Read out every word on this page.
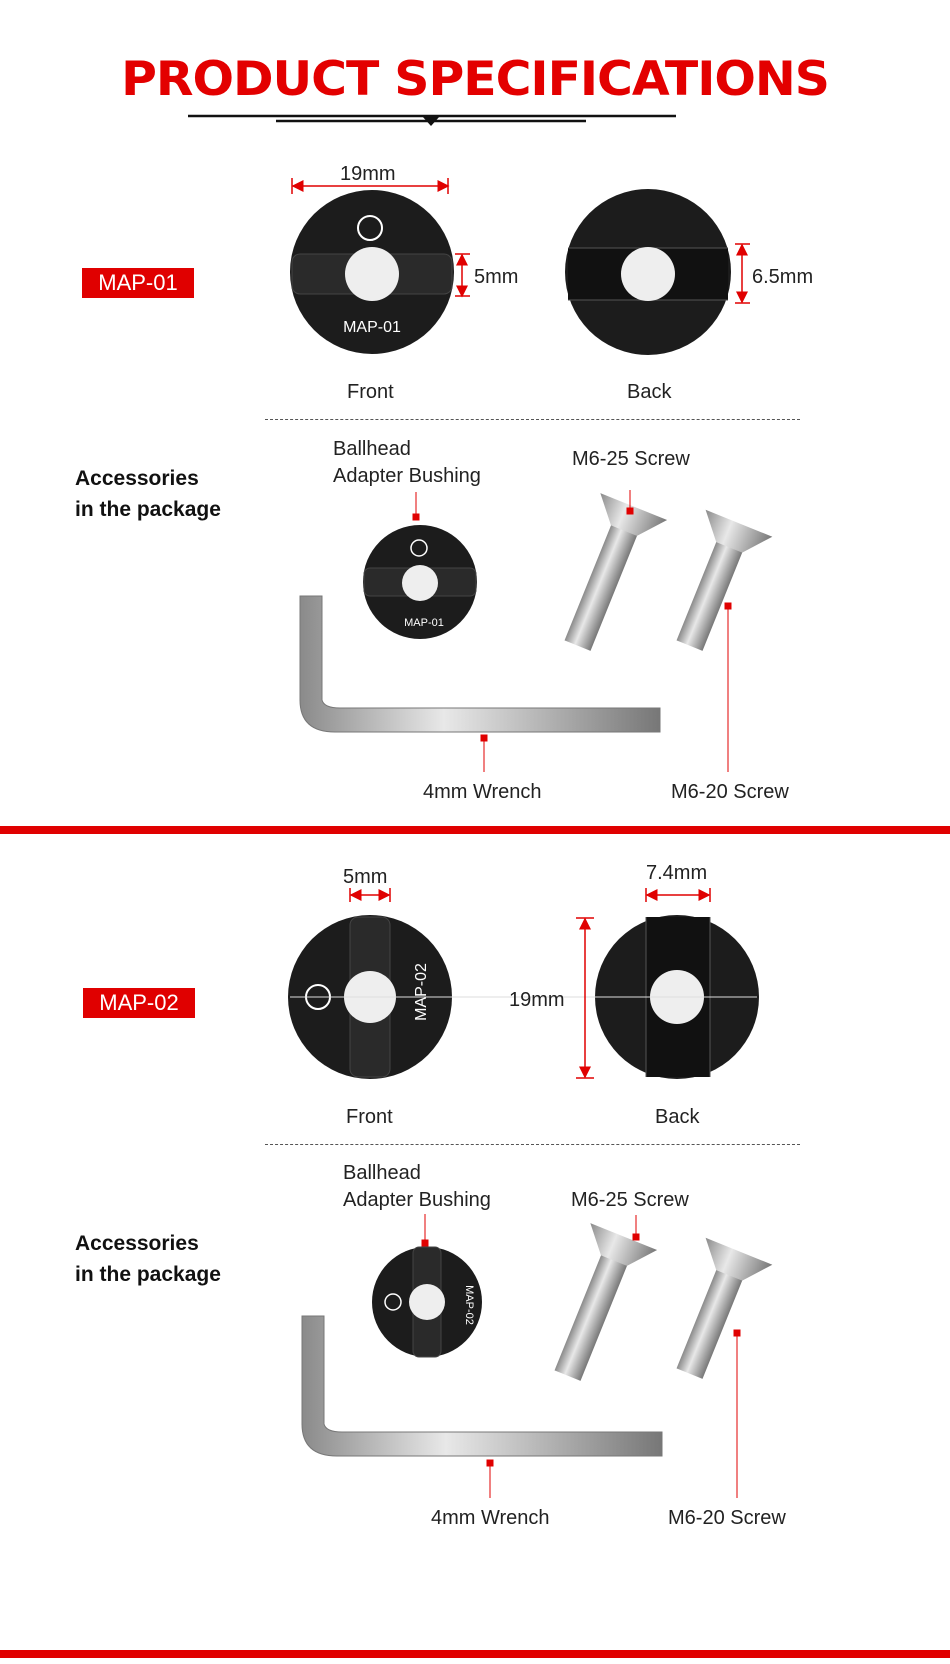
PRODUCT SPECIFICATIONS
MAP-01
MAP-01
MAP-02
MAP-02
MAP-01
19mm
5mm	6.5mm
Front	Back
Accessories
in the package
Ballhead
Adapter Bushing
M6-25 Screw
4mm Wrench	M6-20 Screw
MAP-02
5mm	7.4mm
19mm
Front	Back
Accessories
in the package
Ballhead
Adapter Bushing	M6-25 Screw
4mm Wrench	M6-20 Screw
